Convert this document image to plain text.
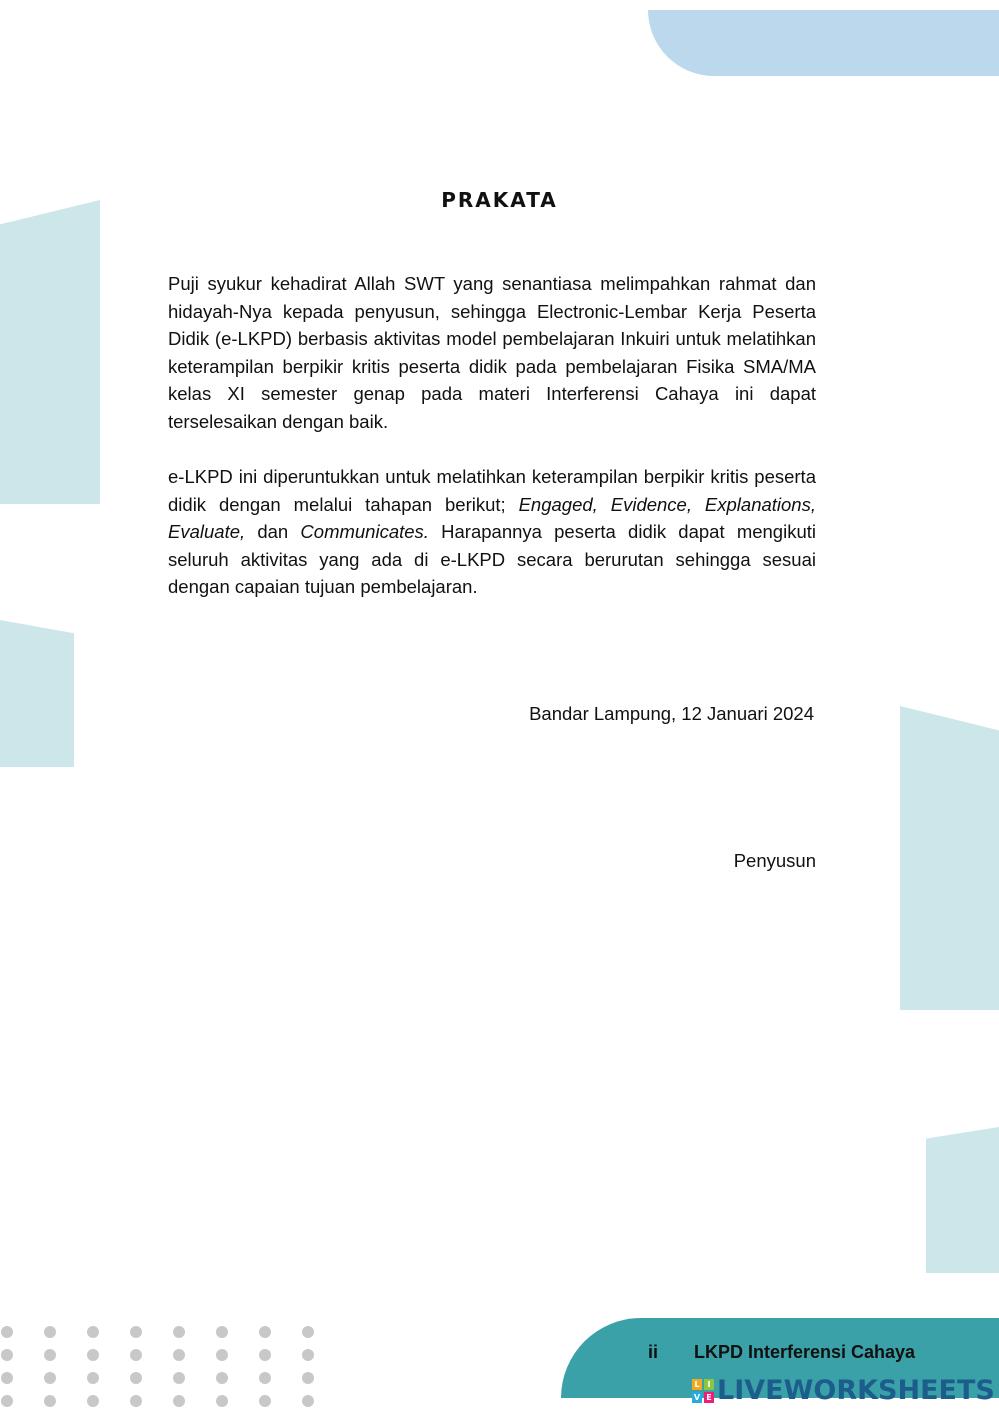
PRAKATA

Puji syukur kehadirat Allah SWT yang senantiasa melimpahkan rahmat dan hidayah-Nya kepada penyusun, sehingga Electronic-Lembar Kerja Peserta Didik (e-LKPD) berbasis aktivitas model pembelajaran Inkuiri untuk melatihkan keterampilan berpikir kritis peserta didik pada pembelajaran Fisika SMA/MA kelas XI semester genap pada materi Interferensi Cahaya ini dapat terselesaikan dengan baik.

e-LKPD ini diperuntukkan untuk melatihkan keterampilan berpikir kritis peserta didik dengan melalui tahapan berikut; Engaged, Evidence, Explanations, Evaluate, dan Communicates. Harapannya peserta didik dapat mengikuti seluruh aktivitas yang ada di e-LKPD secara berurutan sehingga sesuai dengan capaian tujuan pembelajaran.

Bandar Lampung, 12 Januari 2024

Penyusun

ii LKPD Interferensi Cahaya
L I
V E LIVEWORKSHEETS
